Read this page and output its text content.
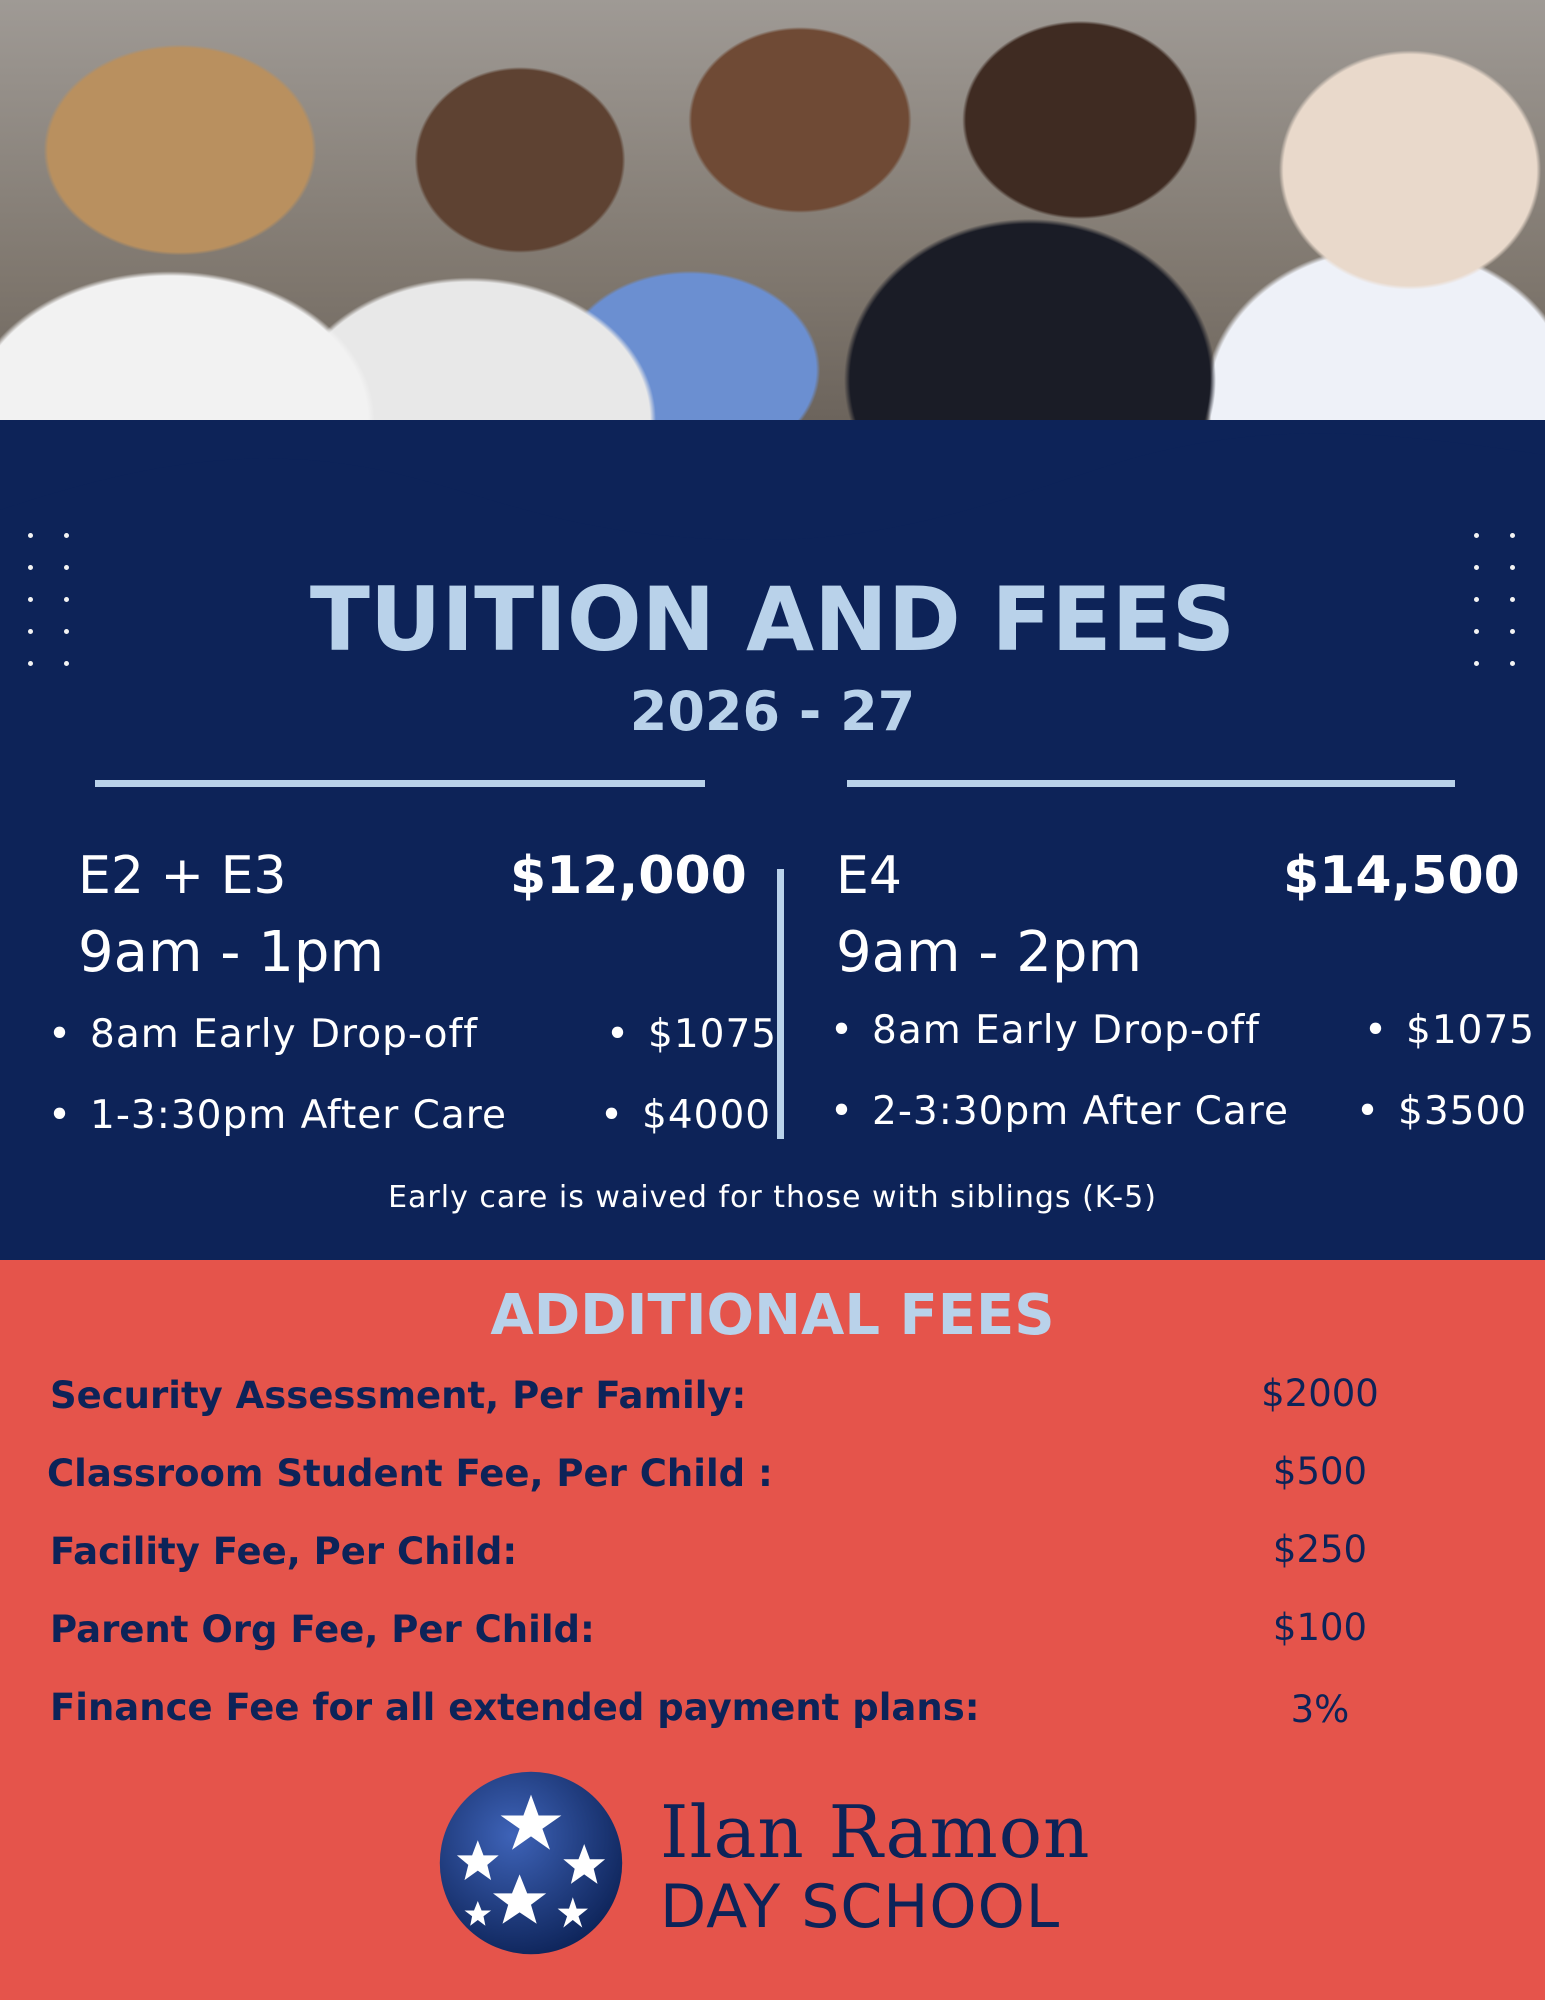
TUITION AND FEES
2026 - 27
E2 + E3	$12,000
9am - 1pm
• 8am Early Drop-off	• $1075
• 1-3:30pm After Care	• $4000
E4	$14,500
9am - 2pm
• 8am Early Drop-off	• $1075
• 2-3:30pm After Care	• $3500
Early care is waived for those with siblings (K-5)
ADDITIONAL FEES
Security Assessment, Per Family:	$2000
Classroom Student Fee, Per Child :	$500
Facility Fee, Per Child:	$250
Parent Org Fee, Per Child:	$100
Finance Fee for all extended payment plans:	3%
Ilan Ramon
DAY SCHOOL
